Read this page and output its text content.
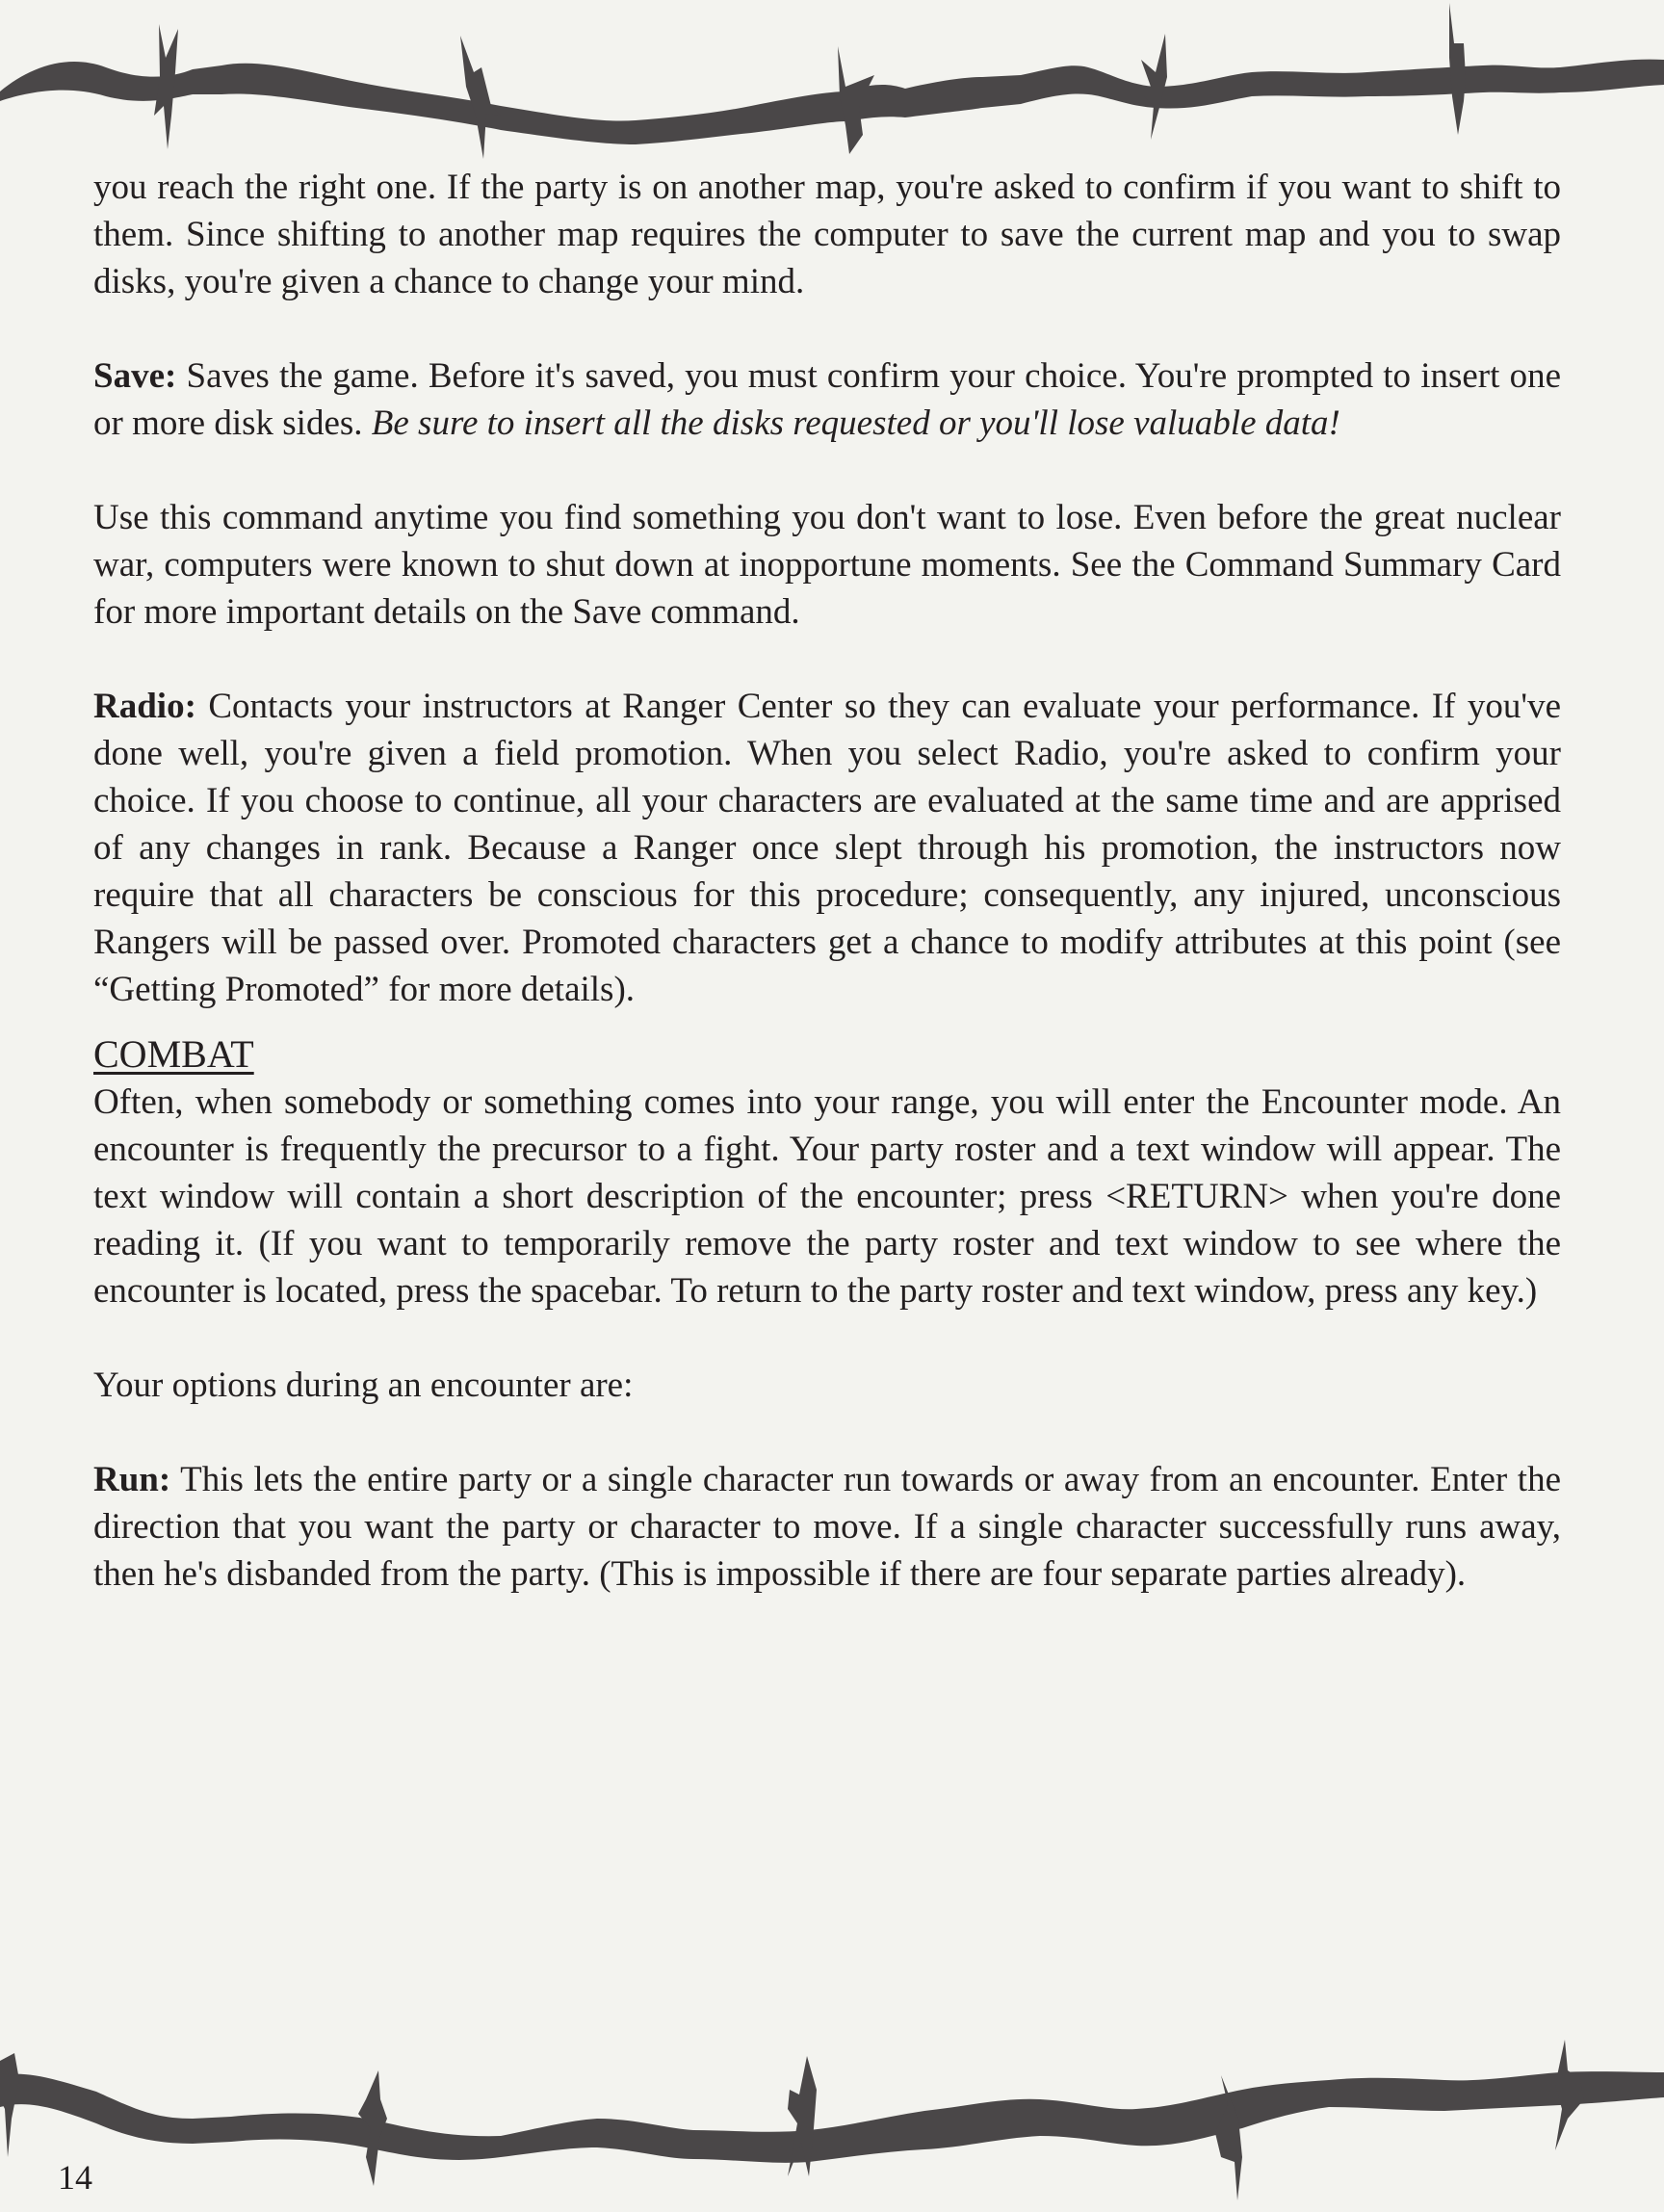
you reach the right one. If the party is on another map, you're asked to confirm if you want to shift to them. Since shifting to another map requires the computer to save the current map and you to swap disks, you're given a chance to change your mind.

Save: Saves the game. Before it's saved, you must confirm your choice. You're prompted to insert one or more disk sides. Be sure to insert all the disks requested or you'll lose valuable data!

Use this command anytime you find something you don't want to lose. Even before the great nuclear war, computers were known to shut down at inopportune moments. See the Command Summary Card for more important details on the Save command.

Radio: Contacts your instructors at Ranger Center so they can evaluate your performance. If you've done well, you're given a field promotion. When you select Radio, you're asked to confirm your choice. If you choose to continue, all your characters are evaluated at the same time and are apprised of any changes in rank. Because a Ranger once slept through his promotion, the instructors now require that all characters be conscious for this procedure; consequently, any injured, unconscious Rangers will be passed over. Promoted characters get a chance to modify attributes at this point (see “Getting Promoted” for more details).

COMBAT

Often, when somebody or something comes into your range, you will enter the Encounter mode. An encounter is frequently the precursor to a fight. Your party roster and a text window will appear. The text window will contain a short description of the encounter; press <RETURN> when you're done reading it. (If you want to temporarily remove the party roster and text window to see where the encounter is located, press the spacebar. To return to the party roster and text window, press any key.)

Your options during an encounter are:

Run: This lets the entire party or a single character run towards or away from an encounter. Enter the direction that you want the party or character to move. If a single character successfully runs away, then he's disbanded from the party. (This is impossible if there are four separate parties already).

14
